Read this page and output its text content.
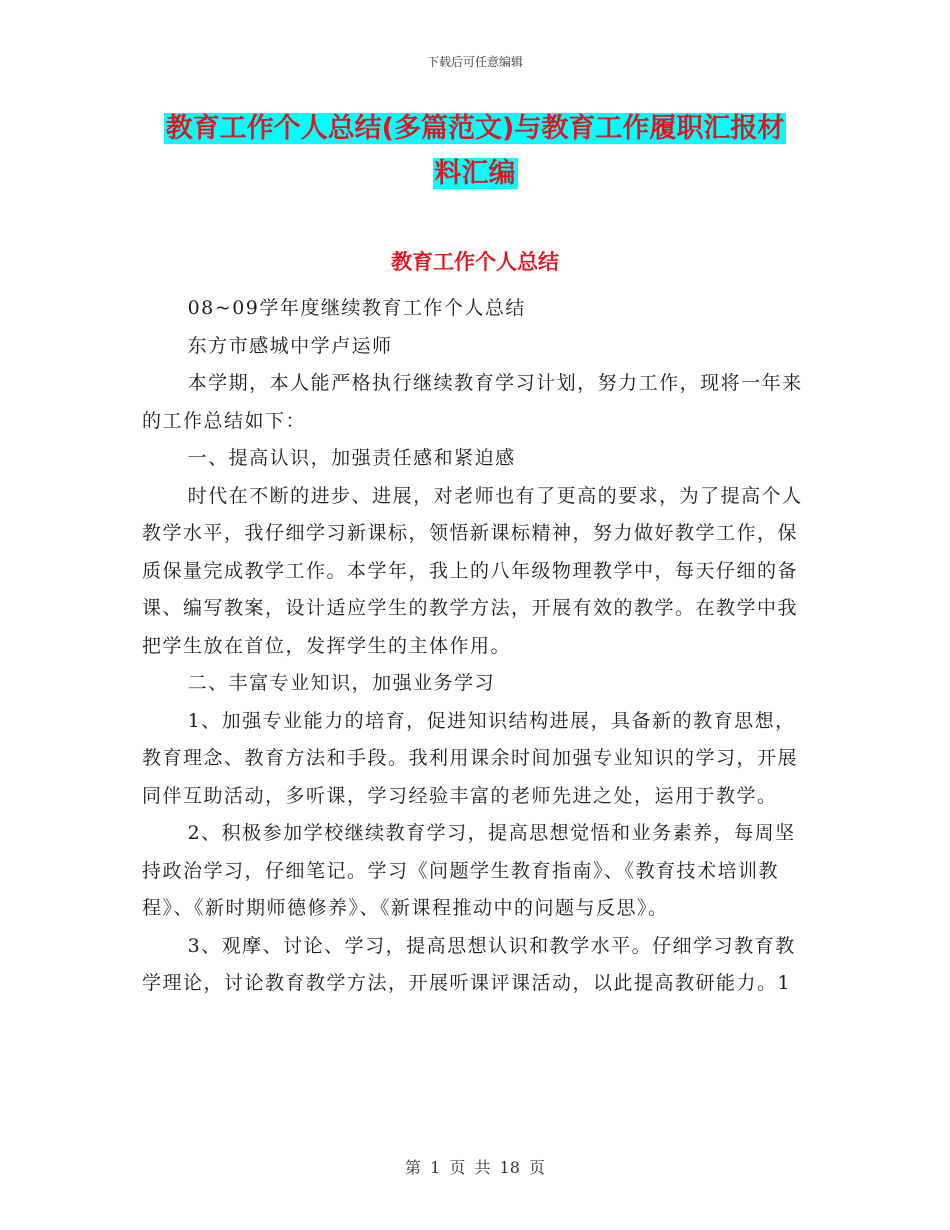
下载后可任意编辑
教育工作个人总结(多篇范文)与教育工作履职汇报材
料汇编
教育工作个人总结

08~09学年度继续教育工作个人总结

东方市感城中学卢运师

本学期，本人能严格执行继续教育学习计划，努力工作，现将一年来的工作总结如下：

一、提高认识，加强责任感和紧迫感

时代在不断的进步、进展，对老师也有了更高的要求，为了提高个人教学水平，我仔细学习新课标，领悟新课标精神，努力做好教学工作，保质保量完成教学工作。本学年，我上的八年级物理教学中，每天仔细的备课、编写教案，设计适应学生的教学方法，开展有效的教学。在教学中我把学生放在首位，发挥学生的主体作用。

二、丰富专业知识，加强业务学习

1、加强专业能力的培育，促进知识结构进展，具备新的教育思想，教育理念、教育方法和手段。我利用课余时间加强专业知识的学习，开展同伴互助活动，多听课，学习经验丰富的老师先进之处，运用于教学。

2、积极参加学校继续教育学习，提高思想觉悟和业务素养，每周坚持政治学习，仔细笔记。学习《问题学生教育指南》、《教育技术培训教程》、《新时期师德修养》、《新课程推动中的问题与反思》。

3、观摩、讨论、学习，提高思想认识和教学水平。仔细学习教育教学理论，讨论教育教学方法，开展听课评课活动，以此提高教研能力。1

第 1 页 共 18 页
